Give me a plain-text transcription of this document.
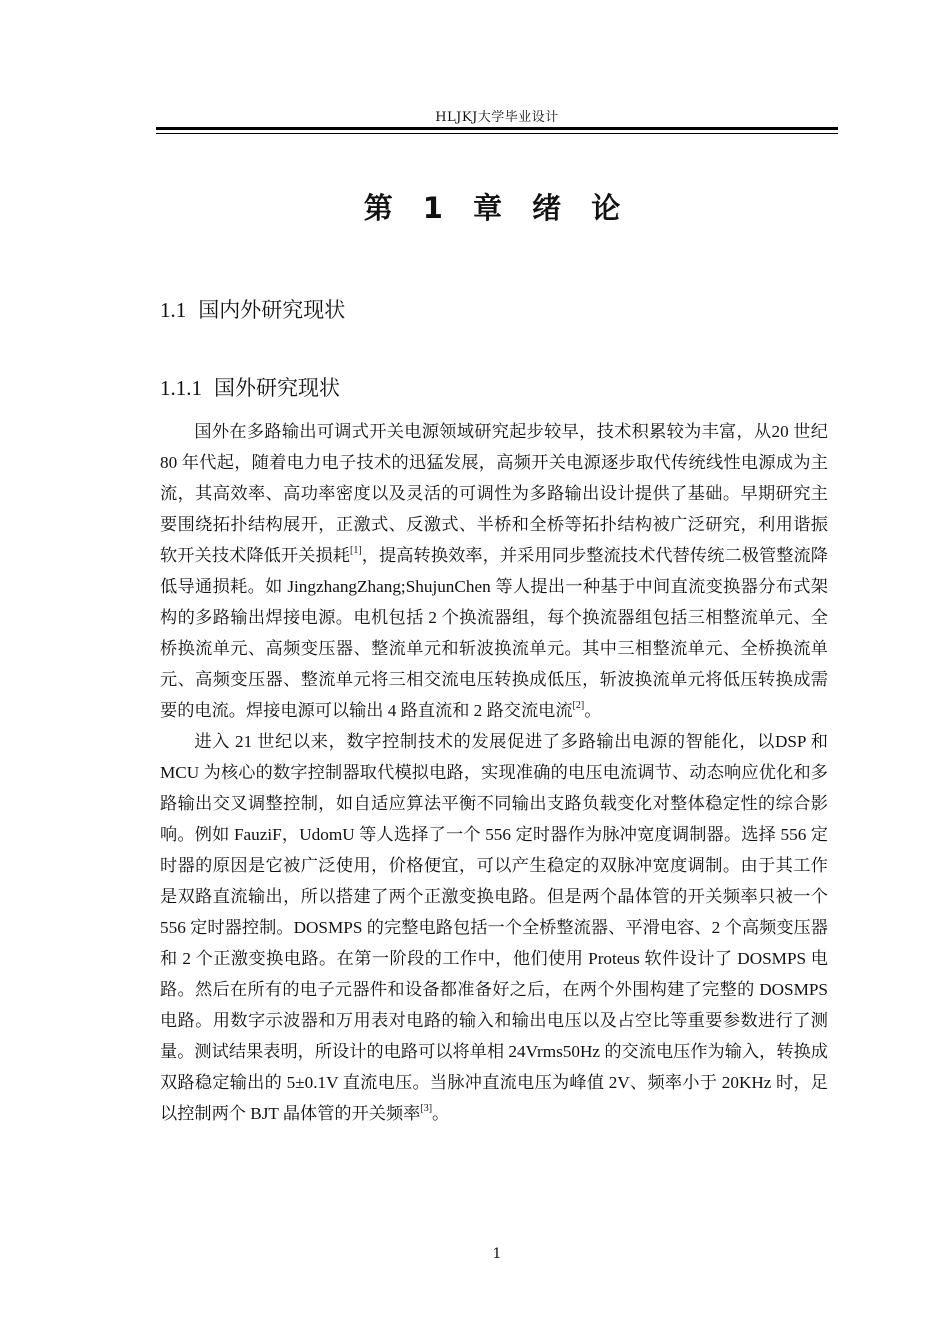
HLJKJ大学毕业设计
第 1 章 绪 论
1.1 国内外研究现状
1.1.1 国外研究现状

国外在多路输出可调式开关电源领域研究起步较早，技术积累较为丰富，从20 世纪 80 年代起，随着电力电子技术的迅猛发展，高频开关电源逐步取代传统线性电源成为主流，其高效率、高功率密度以及灵活的可调性为多路输出设计提供了基础。早期研究主要围绕拓扑结构展开，正激式、反激式、半桥和全桥等拓扑结构被广泛研究，利用谐振软开关技术降低开关损耗[1]，提高转换效率，并采用同步整流技术代替传统二极管整流降低导通损耗。如 JingzhangZhang;ShujunChen 等人提出一种基于中间直流变换器分布式架构的多路输出焊接电源。电机包括 2 个换流器组，每个换流器组包括三相整流单元、全桥换流单元、高频变压器、整流单元和斩波换流单元。其中三相整流单元、全桥换流单元、高频变压器、整流单元将三相交流电压转换成低压，斩波换流单元将低压转换成需要的电流。焊接电源可以输出 4 路直流和 2 路交流电流[2]。

进入 21 世纪以来，数字控制技术的发展促进了多路输出电源的智能化，以DSP 和 MCU 为核心的数字控制器取代模拟电路，实现准确的电压电流调节、动态响应优化和多路输出交叉调整控制，如自适应算法平衡不同输出支路负载变化对整体稳定性的综合影响。例如 FauziF，UdomU 等人选择了一个 556 定时器作为脉冲宽度调制器。选择 556 定时器的原因是它被广泛使用，价格便宜，可以产生稳定的双脉冲宽度调制。由于其工作是双路直流输出，所以搭建了两个正激变换电路。但是两个晶体管的开关频率只被一个 556 定时器控制。DOSMPS 的完整电路包括一个全桥整流器、平滑电容、2 个高频变压器和 2 个正激变换电路。在第一阶段的工作中，他们使用 Proteus 软件设计了 DOSMPS 电路。然后在所有的电子元器件和设备都准备好之后，在两个外围构建了完整的 DOSMPS 电路。用数字示波器和万用表对电路的输入和输出电压以及占空比等重要参数进行了测量。测试结果表明，所设计的电路可以将单相 24Vrms50Hz 的交流电压作为输入，转换成双路稳定输出的 5±0.1V 直流电压。当脉冲直流电压为峰值 2V、频率小于 20KHz 时，足以控制两个 BJT 晶体管的开关频率[3]。

1
